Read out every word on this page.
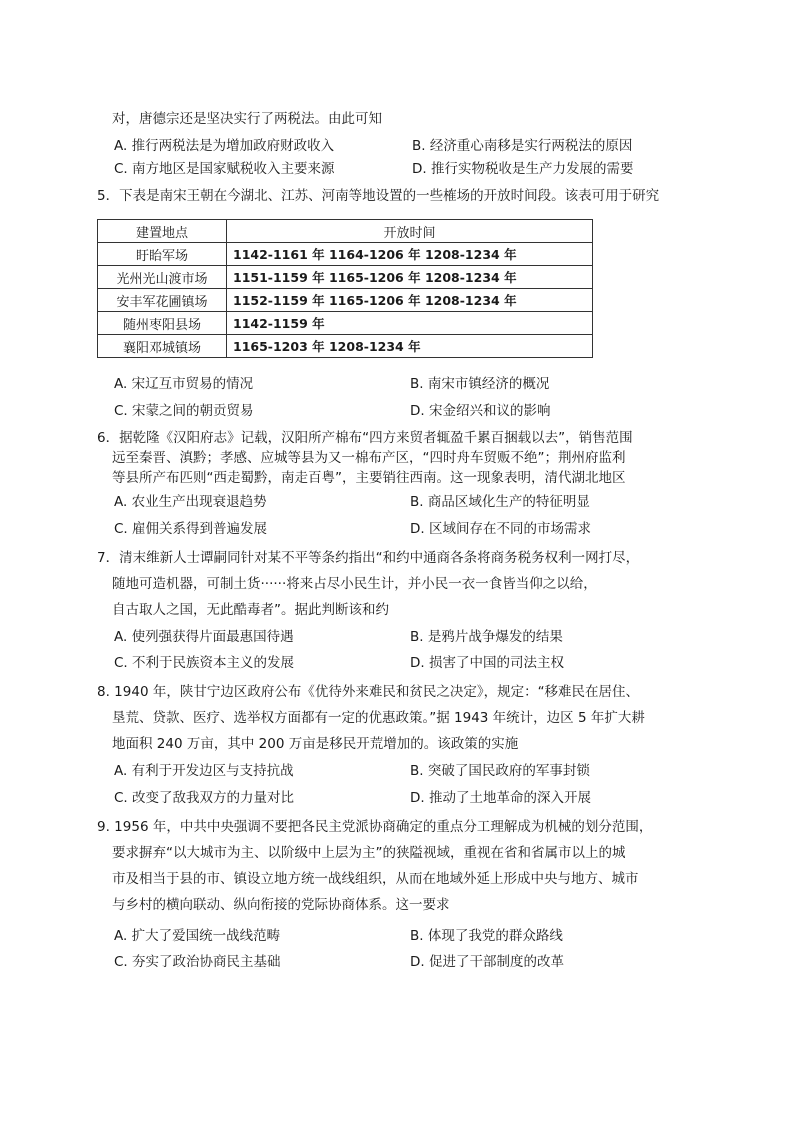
对，唐德宗还是坚决实行了两税法。由此可知
A. 推行两税法是为增加政府财政收入	B. 经济重心南移是实行两税法的原因
C. 南方地区是国家赋税收入主要来源	D. 推行实物税收是生产力发展的需要
5．下表是南宋王朝在今湖北、江苏、河南等地设置的一些榷场的开放时间段。该表可用于研究
建置地点	开放时间
盱眙军场	1142-1161 年 1164-1206 年 1208-1234 年
光州光山渡市场	1151-1159 年 1165-1206 年 1208-1234 年
安丰军花圃镇场	1152-1159 年 1165-1206 年 1208-1234 年
随州枣阳县场	1142-1159 年
襄阳邓城镇场	1165-1203 年 1208-1234 年
A. 宋辽互市贸易的情况	B. 南宋市镇经济的概况
C. 宋蒙之间的朝贡贸易	D. 宋金绍兴和议的影响
6．据乾隆《汉阳府志》记载，汉阳所产棉布“四方来贸者辄盈千累百捆载以去”，销售范围
远至秦晋、滇黔；孝感、应城等县为又一棉布产区，“四时舟车贸贩不绝”；荆州府监利
等县所产布匹则“西走蜀黔，南走百粤”，主要销往西南。这一现象表明，清代湖北地区
A. 农业生产出现衰退趋势	B. 商品区域化生产的特征明显
C. 雇佣关系得到普遍发展	D. 区域间存在不同的市场需求
7．清末维新人士谭嗣同针对某不平等条约指出“和约中通商各条将商务税务权利一网打尽，
随地可造机器，可制土货······将来占尽小民生计，并小民一衣一食皆当仰之以给，
自古取人之国，无此酷毒者”。据此判断该和约
A. 使列强获得片面最惠国待遇	B. 是鸦片战争爆发的结果
C. 不利于民族资本主义的发展	D. 损害了中国的司法主权
8. 1940 年，陕甘宁边区政府公布《优待外来难民和贫民之决定》，规定：“移难民在居住、
垦荒、贷款、医疗、选举权方面都有一定的优惠政策。”据 1943 年统计，边区 5 年扩大耕
地面积 240 万亩，其中 200 万亩是移民开荒增加的。该政策的实施
A. 有利于开发边区与支持抗战	B. 突破了国民政府的军事封锁
C. 改变了敌我双方的力量对比	D. 推动了土地革命的深入开展
9. 1956 年，中共中央强调不要把各民主党派协商确定的重点分工理解成为机械的划分范围，
要求摒弃“以大城市为主、以阶级中上层为主”的狭隘视域，重视在省和省属市以上的城
市及相当于县的市、镇设立地方统一战线组织，从而在地域外延上形成中央与地方、城市
与乡村的横向联动、纵向衔接的党际协商体系。这一要求
A. 扩大了爱国统一战线范畴	B. 体现了我党的群众路线
C. 夯实了政治协商民主基础	D. 促进了干部制度的改革
